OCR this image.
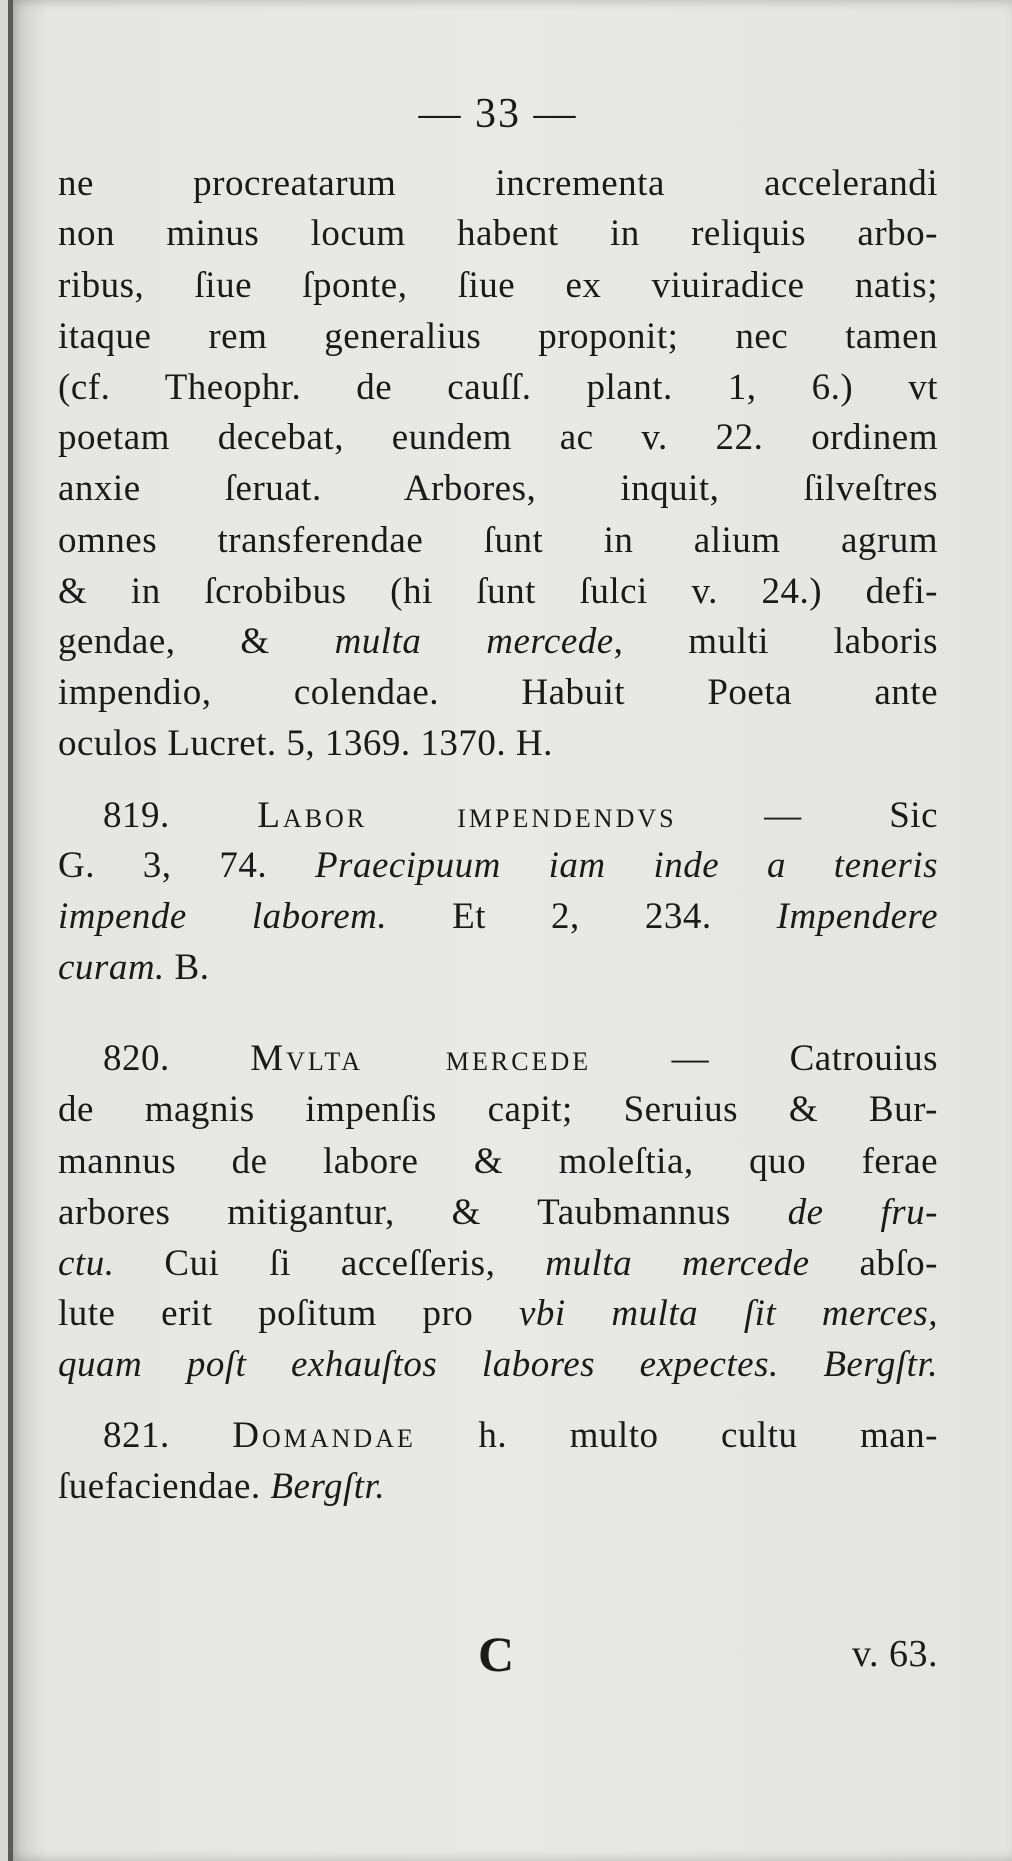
— 33 —
ne procreatarum incrementa accelerandi
non minus locum habent in reliquis arbo-
ribus, ſiue ſponte, ſiue ex viuiradice natis;
itaque rem generalius proponit; nec tamen
(cf. Theophr. de cauſſ. plant. 1, 6.) vt
poetam decebat, eundem ac v. 22. ordinem
anxie ſeruat. Arbores, inquit, ſilveſtres
omnes transferendae ſunt in alium agrum
& in ſcrobibus (hi ſunt ſulci v. 24.) defi-
gendae, & multa mercede, multi laboris
impendio, colendae. Habuit Poeta ante
oculos Lucret. 5, 1369. 1370. H.
819. Labor impendendvs — Sic
G. 3, 74. Praecipuum iam inde a teneris
impende laborem. Et 2, 234. Impendere
curam. B.
820. Mvlta mercede — Catrouius
de magnis impenſis capit; Seruius & Bur-
mannus de labore & moleſtia, quo ferae
arbores mitigantur, & Taubmannus de fru-
ctu. Cui ſi acceſſeris, multa mercede abſo-
lute erit poſitum pro vbi multa ſit merces,
quam poſt exhauſtos labores expectes. Bergſtr.
821. Domandae h. multo cultu man-
ſuefaciendae. Bergſtr.
C	v. 63.
